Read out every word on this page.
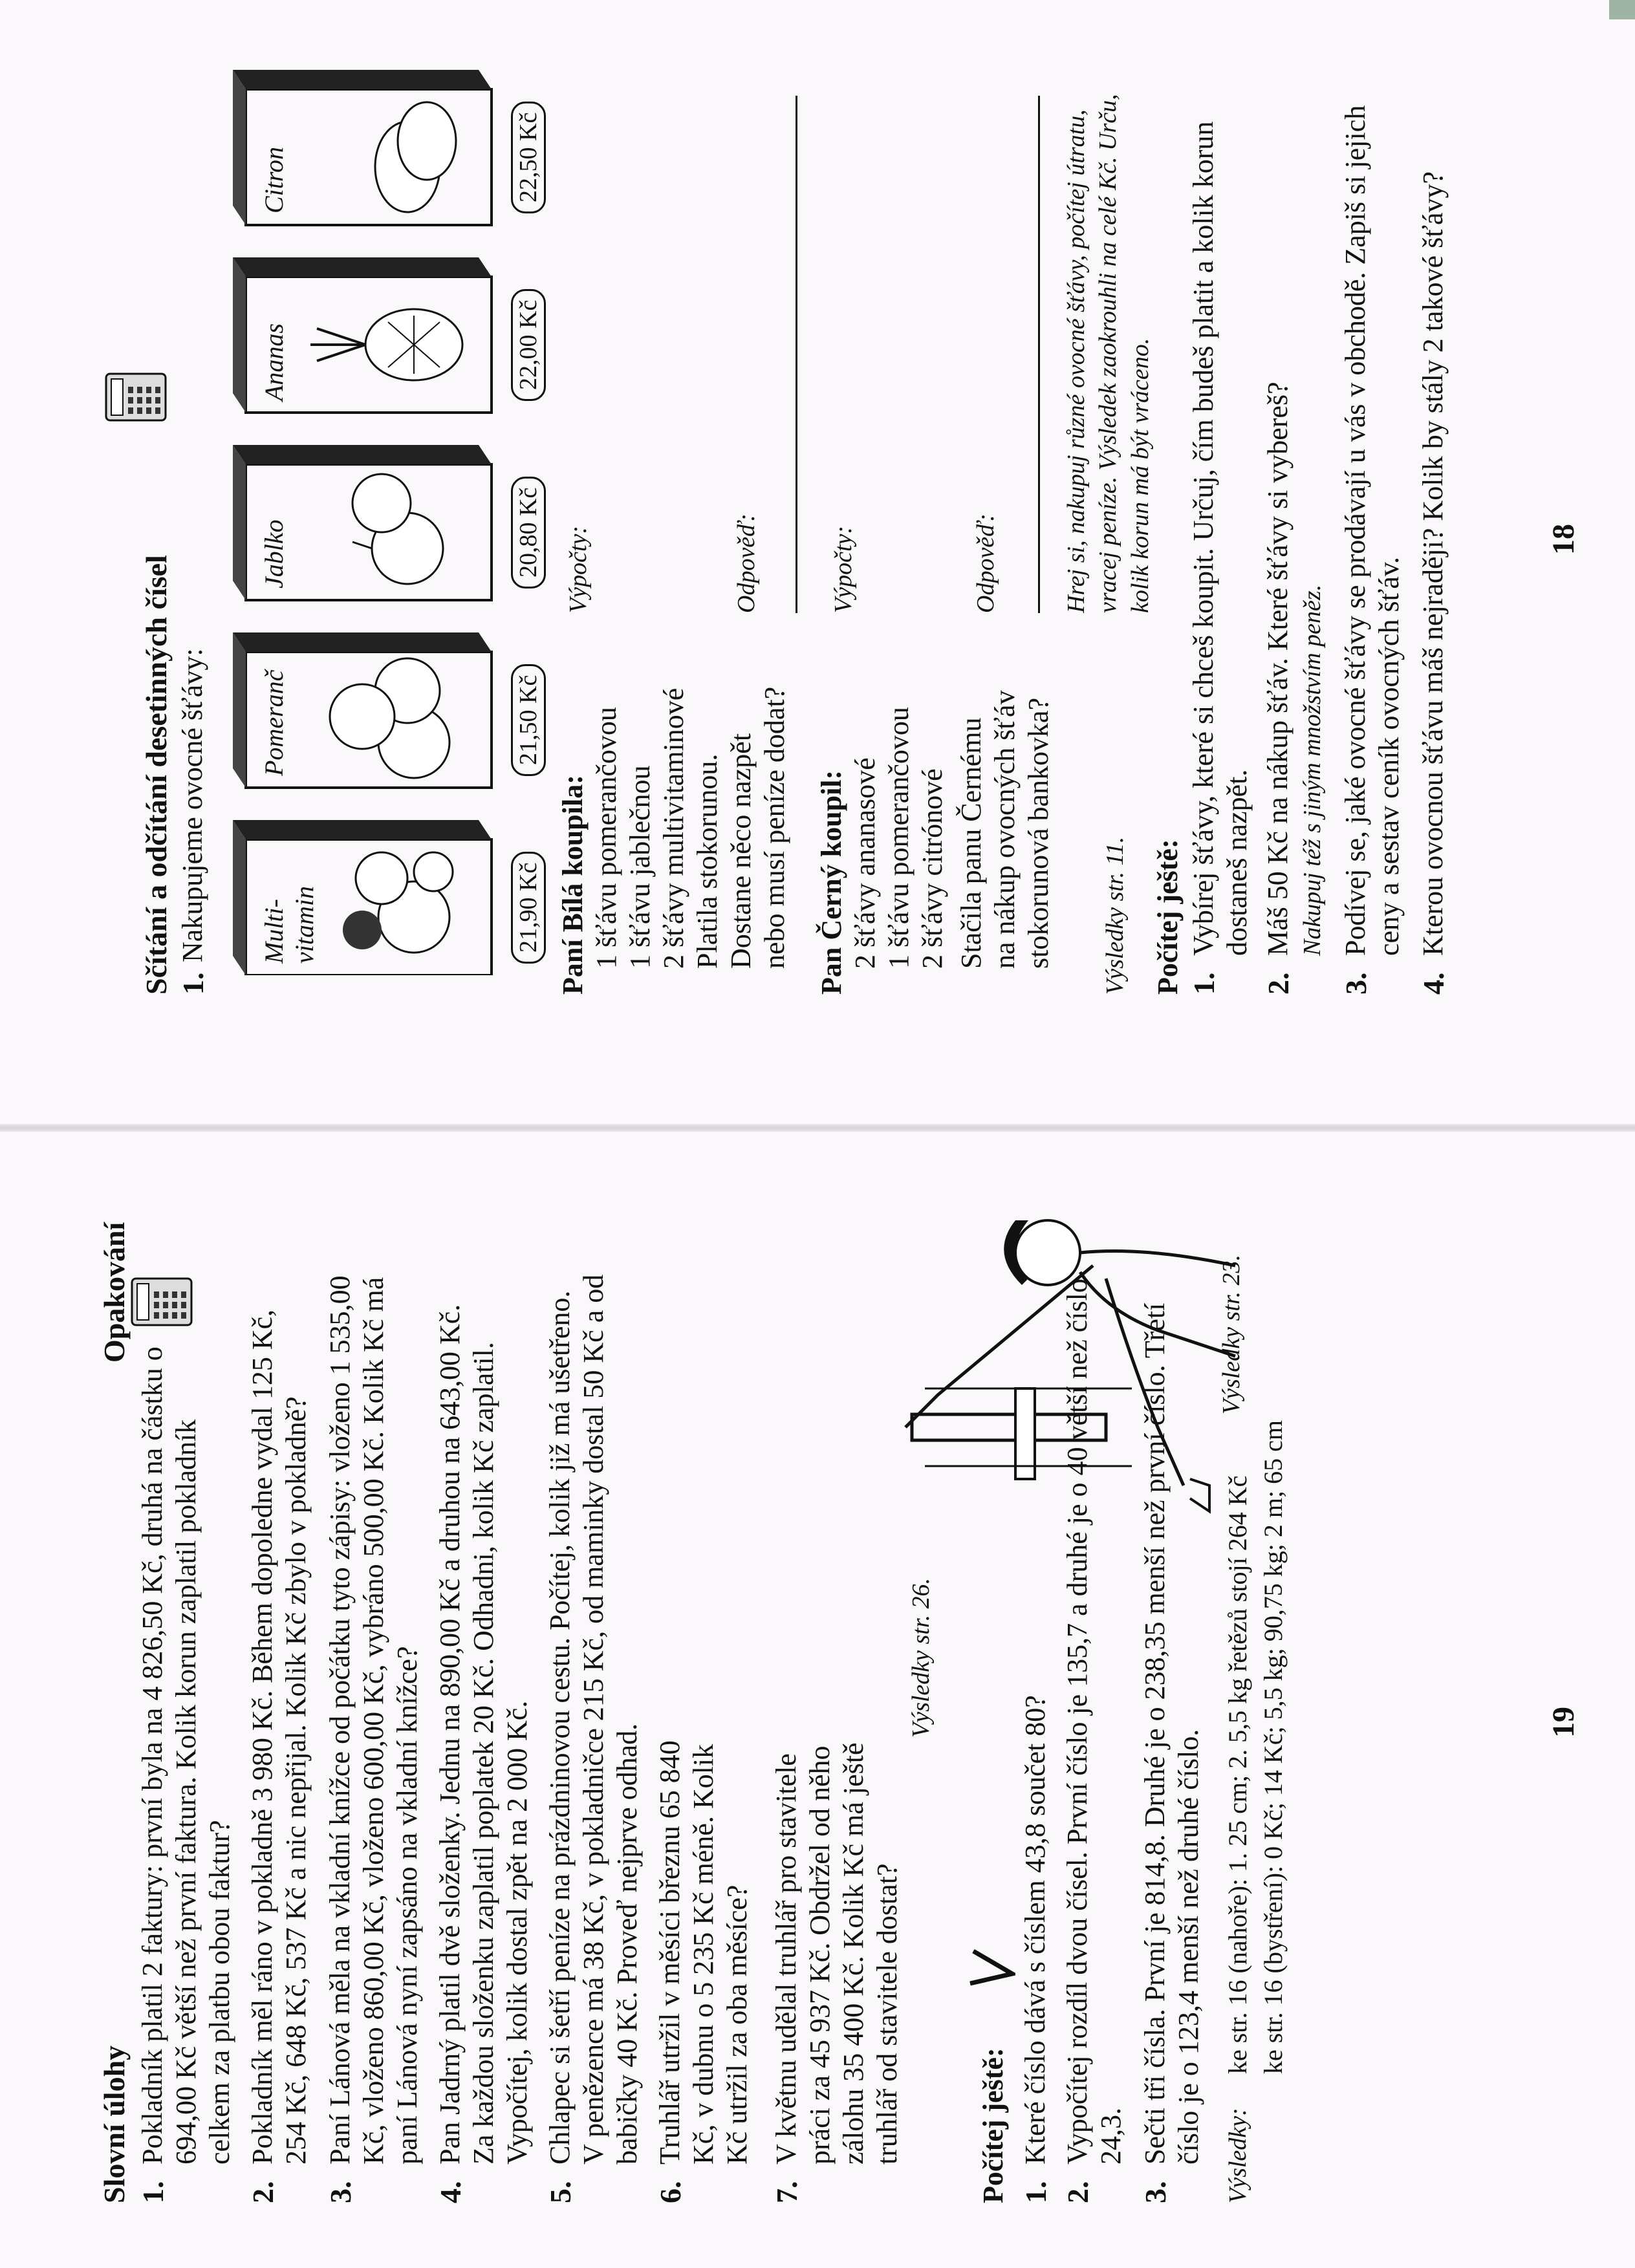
Sčítání a odčítání desetinných čísel 1.
Nakupujeme ovocné šťávy: Multi-vitamin
Pomeranč
Jablko
Ananas
Citron
21,90 Kč
21,50 Kč
20,80 Kč
22,00 Kč
22,50 Kč
Paní Bílá koupila: 1 šťávu pomerančovou 1 šťávu jablečnou 2 šťávy multivitaminové Platila stokorunou. Dostane něco nazpět nebo musí peníze dodat?
Výpočty:	Odpověď:
Pan Černý koupil: 2 šťávy ananasové 1 šťávu pomerančovou 2 šťávy citrónové Stačila panu Černému na nákup ovocných šťáv stokorunová bankovka?
Výpočty:	Odpověď:	Hrej si, nakupuj různé ovocné šťávy, počítej útratu, vracej peníze. Výsledek zaokrouhli na celé Kč. Urču, kolik korun má být vráceno.
Výsledky str. 11. Počítej ještě: 1.
Vybírej šťávy, které si chceš koupit. Určuj, čím budeš platit a kolik korun dostaneš nazpět.
2.
Máš 50 Kč na nákup šťáv. Které šťávy si vybereš? Nakupuj též s jiným množstvím peněz.
3.
Podívej se, jaké ovocné šťávy se prodávají u vás v obchodě. Zapiš si jejich ceny a sestav ceník ovocných šťáv.
4.
Kterou ovocnou šťávu máš nejraději? Kolik by stály 2 takové šťávy?	18
Slovní úlohy
Opakování
1.
Pokladník platil 2 faktury: první byla na 4 826,50 Kč, druhá na částku o 694,00 Kč větší než první faktura. Kolik korun zaplatil pokladník celkem za platbu obou faktur?
2.
Pokladník měl ráno v pokladně 3 980 Kč. Během dopoledne vydal 125 Kč, 254 Kč, 648 Kč, 537 Kč a nic nepřijal. Kolik Kč zbylo v pokladně?
3.
Paní Lánová měla na vkladní knížce od počátku tyto zápisy: vloženo 1 535,00 Kč, vloženo 860,00 Kč, vloženo 600,00 Kč, vybráno 500,00 Kč. Kolik Kč má paní Lánová nyní zapsáno na vkladní knížce?
4.
Pan Jadrný platil dvě složenky. Jednu na 890,00 Kč a druhou na 643,00 Kč. Za každou složenku zaplatil poplatek 20 Kč. Odhadni, kolik Kč zaplatil. Vypočítej, kolik dostal zpět na 2 000 Kč.
5.
Chlapec si šetří peníze na prázdninovou cestu. Počítej, kolik již má ušetřeno. V penězence má 38 Kč, v pokladničce 215 Kč, od maminky dostal 50 Kč a od babičky 40 Kč. Proveď nejprve odhad.
6.
Truhlář utržil v měsíci březnu 65 840 Kč, v dubnu o 5 235 Kč méně. Kolik Kč utržil za oba měsíce?
7.
V květnu udělal truhlář pro stavitele práci za 45 937 Kč. Obdržel od něho zálohu 35 400 Kč. Kolik Kč má ještě truhlář od stavitele dostat?
Výsledky str. 26.
Počítej ještě: 1.
Které číslo dává s číslem 43,8 součet 80?
2.
Vypočítej rozdíl dvou čísel. První číslo je 135,7 a druhé je o 40 větší než číslo 24,3.
3.
Sečti tři čísla. První je 814,8. Druhé je o 238,35 menší než první číslo. Třetí číslo je o 123,4 menší než druhé číslo.
Výsledky str. 23.
Výsledky:
ke str. 16 (nahoře): 1. 25 cm; 2. 5,5 kg řetězů stojí 264 Kč ke str. 16 (bystření): 0 Kč; 14 Kč; 5,5 kg; 90,75 kg; 2 m; 65 cm	19
